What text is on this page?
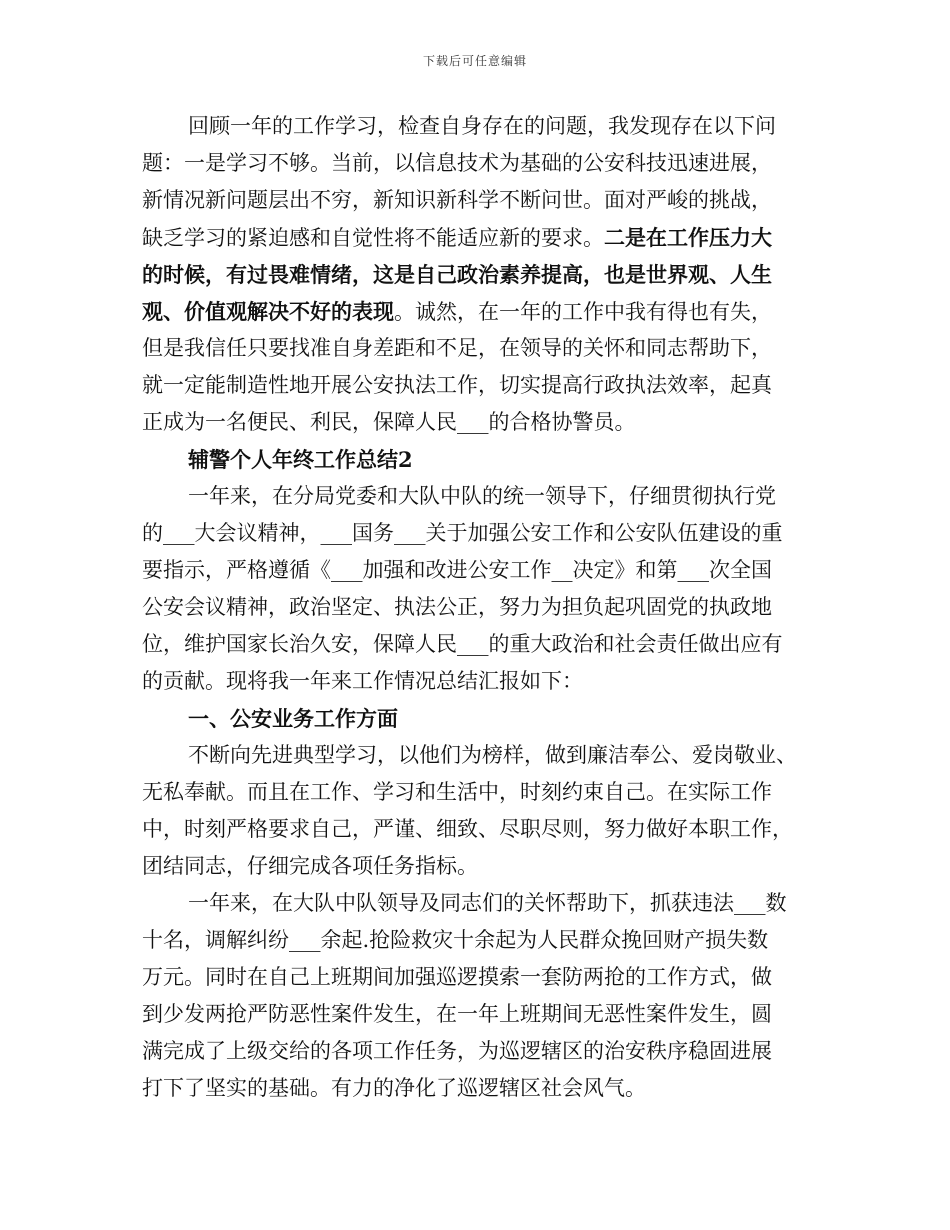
下载后可任意编辑
回顾一年的工作学习，检查自身存在的问题，我发现存在以下问
题：一是学习不够。当前，以信息技术为基础的公安科技迅速进展，
新情况新问题层出不穷，新知识新科学不断问世。面对严峻的挑战，
缺乏学习的紧迫感和自觉性将不能适应新的要求。二是在工作压力大
的时候，有过畏难情绪，这是自己政治素养提高，也是世界观、人生
观、价值观解决不好的表现。诚然，在一年的工作中我有得也有失，
但是我信任只要找准自身差距和不足，在领导的关怀和同志帮助下，
就一定能制造性地开展公安执法工作，切实提高行政执法效率，起真
正成为一名便民、利民，保障人民___的合格协警员。
辅警个人年终工作总结2
一年来，在分局党委和大队中队的统一领导下，仔细贯彻执行党
的___大会议精神，___国务___关于加强公安工作和公安队伍建设的重
要指示，严格遵循《___加强和改进公安工作__决定》和第___次全国
公安会议精神，政治坚定、执法公正，努力为担负起巩固党的执政地
位，维护国家长治久安，保障人民___的重大政治和社会责任做出应有
的贡献。现将我一年来工作情况总结汇报如下：
一、公安业务工作方面
不断向先进典型学习，以他们为榜样，做到廉洁奉公、爱岗敬业、
无私奉献。而且在工作、学习和生活中，时刻约束自己。在实际工作
中，时刻严格要求自己，严谨、细致、尽职尽则，努力做好本职工作，
团结同志，仔细完成各项任务指标。
一年来，在大队中队领导及同志们的关怀帮助下，抓获违法___数
十名，调解纠纷___余起.抢险救灾十余起为人民群众挽回财产损失数
万元。同时在自己上班期间加强巡逻摸索一套防两抢的工作方式，做
到少发两抢严防恶性案件发生，在一年上班期间无恶性案件发生，圆
满完成了上级交给的各项工作任务，为巡逻辖区的治安秩序稳固进展
打下了坚实的基础。有力的净化了巡逻辖区社会风气。
